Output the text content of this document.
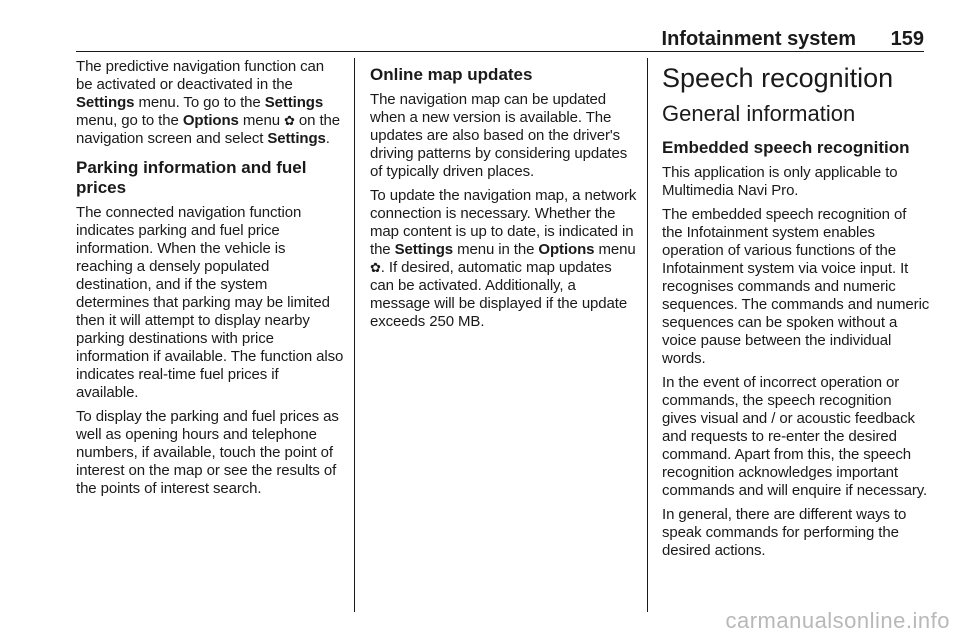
Infotainment system 159

The predictive navigation function can be activated or deactivated in the Settings menu. To go to the Settings menu, go to the Options menu ✿ on the navigation screen and select Settings.

Parking information and fuel prices

The connected navigation function indicates parking and fuel price information. When the vehicle is reaching a densely populated destination, and if the system determines that parking may be limited then it will attempt to display nearby parking destinations with price information if available. The function also indicates real-time fuel prices if available.

To display the parking and fuel prices as well as opening hours and telephone numbers, if available, touch the point of interest on the map or see the results of the points of interest search.

Online map updates

The navigation map can be updated when a new version is available. The updates are also based on the driver's driving patterns by considering updates of typically driven places.

To update the navigation map, a network connection is necessary. Whether the map content is up to date, is indicated in the Settings menu in the Options menu ✿. If desired, automatic map updates can be activated. Additionally, a message will be displayed if the update exceeds 250 MB.

Speech recognition
General information
Embedded speech recognition

This application is only applicable to Multimedia Navi Pro.

The embedded speech recognition of the Infotainment system enables operation of various functions of the Infotainment system via voice input. It recognises commands and numeric sequences. The commands and numeric sequences can be spoken without a voice pause between the individual words.

In the event of incorrect operation or commands, the speech recognition gives visual and / or acoustic feedback and requests to re-enter the desired command. Apart from this, the speech recognition acknowledges important commands and will enquire if necessary.

In general, there are different ways to speak commands for performing the desired actions.

carmanualsonline.info
